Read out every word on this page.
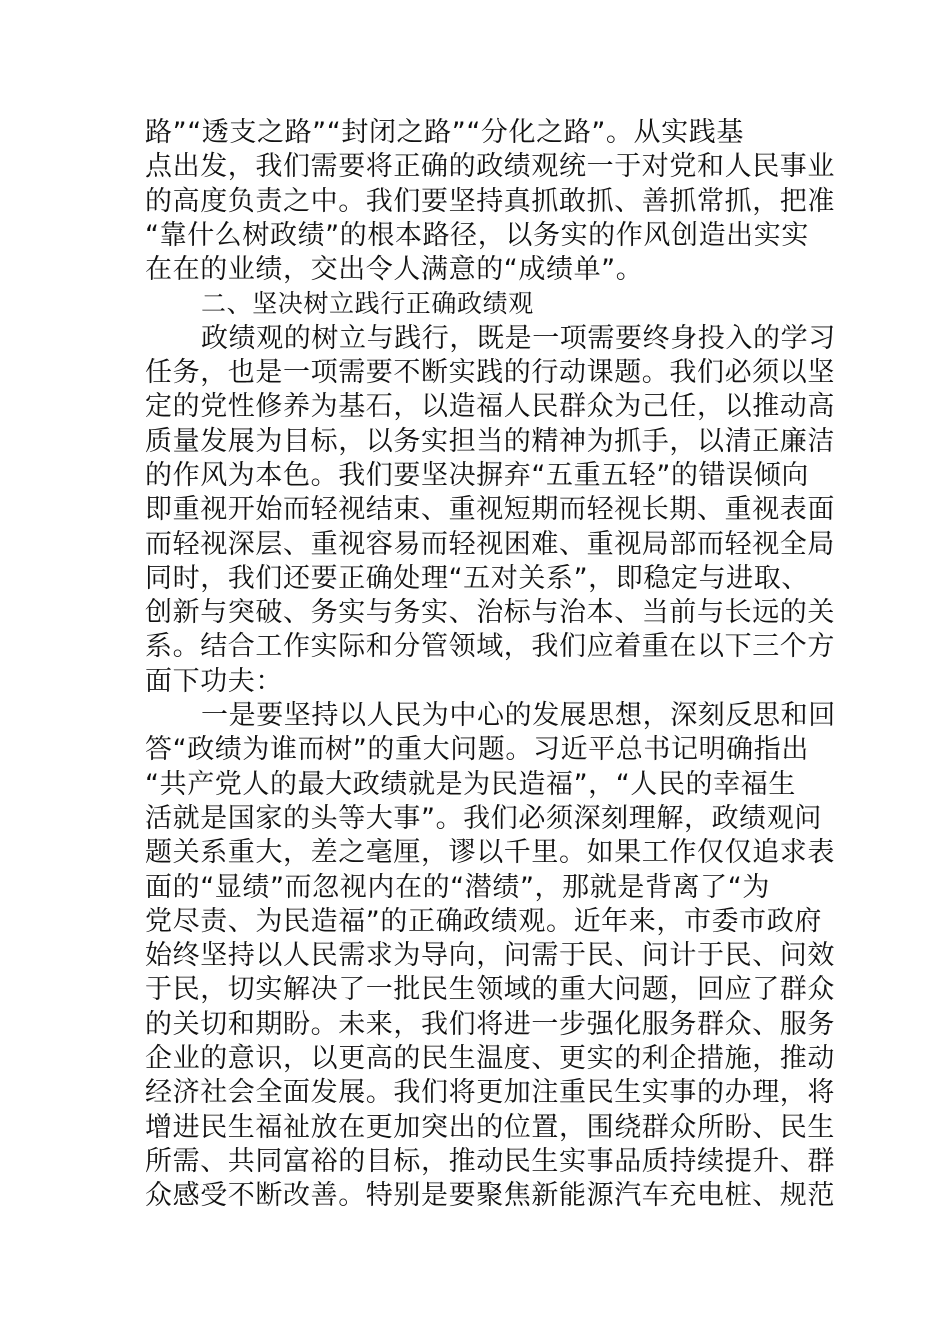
路”“透支之路”“封闭之路”“分化之路”。从实践基
点出发，我们需要将正确的政绩观统一于对党和人民事业
的高度负责之中。我们要坚持真抓敢抓、善抓常抓，把准
“靠什么树政绩”的根本路径，以务实的作风创造出实实
在在的业绩，交出令人满意的“成绩单”。
二、坚决树立践行正确政绩观
政绩观的树立与践行，既是一项需要终身投入的学习
任务，也是一项需要不断实践的行动课题。我们必须以坚
定的党性修养为基石，以造福人民群众为己任，以推动高
质量发展为目标，以务实担当的精神为抓手，以清正廉洁
的作风为本色。我们要坚决摒弃“五重五轻”的错误倾向
即重视开始而轻视结束、重视短期而轻视长期、重视表面
而轻视深层、重视容易而轻视困难、重视局部而轻视全局
同时，我们还要正确处理“五对关系”，即稳定与进取、
创新与突破、务实与务实、治标与治本、当前与长远的关
系。结合工作实际和分管领域，我们应着重在以下三个方
面下功夫：
一是要坚持以人民为中心的发展思想，深刻反思和回
答“政绩为谁而树”的重大问题。习近平总书记明确指出
“共产党人的最大政绩就是为民造福”，“人民的幸福生
活就是国家的头等大事”。我们必须深刻理解，政绩观问
题关系重大，差之毫厘，谬以千里。如果工作仅仅追求表
面的“显绩”而忽视内在的“潜绩”，那就是背离了“为
党尽责、为民造福”的正确政绩观。近年来，市委市政府
始终坚持以人民需求为导向，问需于民、问计于民、问效
于民，切实解决了一批民生领域的重大问题，回应了群众
的关切和期盼。未来，我们将进一步强化服务群众、服务
企业的意识，以更高的民生温度、更实的利企措施，推动
经济社会全面发展。我们将更加注重民生实事的办理，将
增进民生福祉放在更加突出的位置，围绕群众所盼、民生
所需、共同富裕的目标，推动民生实事品质持续提升、群
众感受不断改善。特别是要聚焦新能源汽车充电桩、规范
